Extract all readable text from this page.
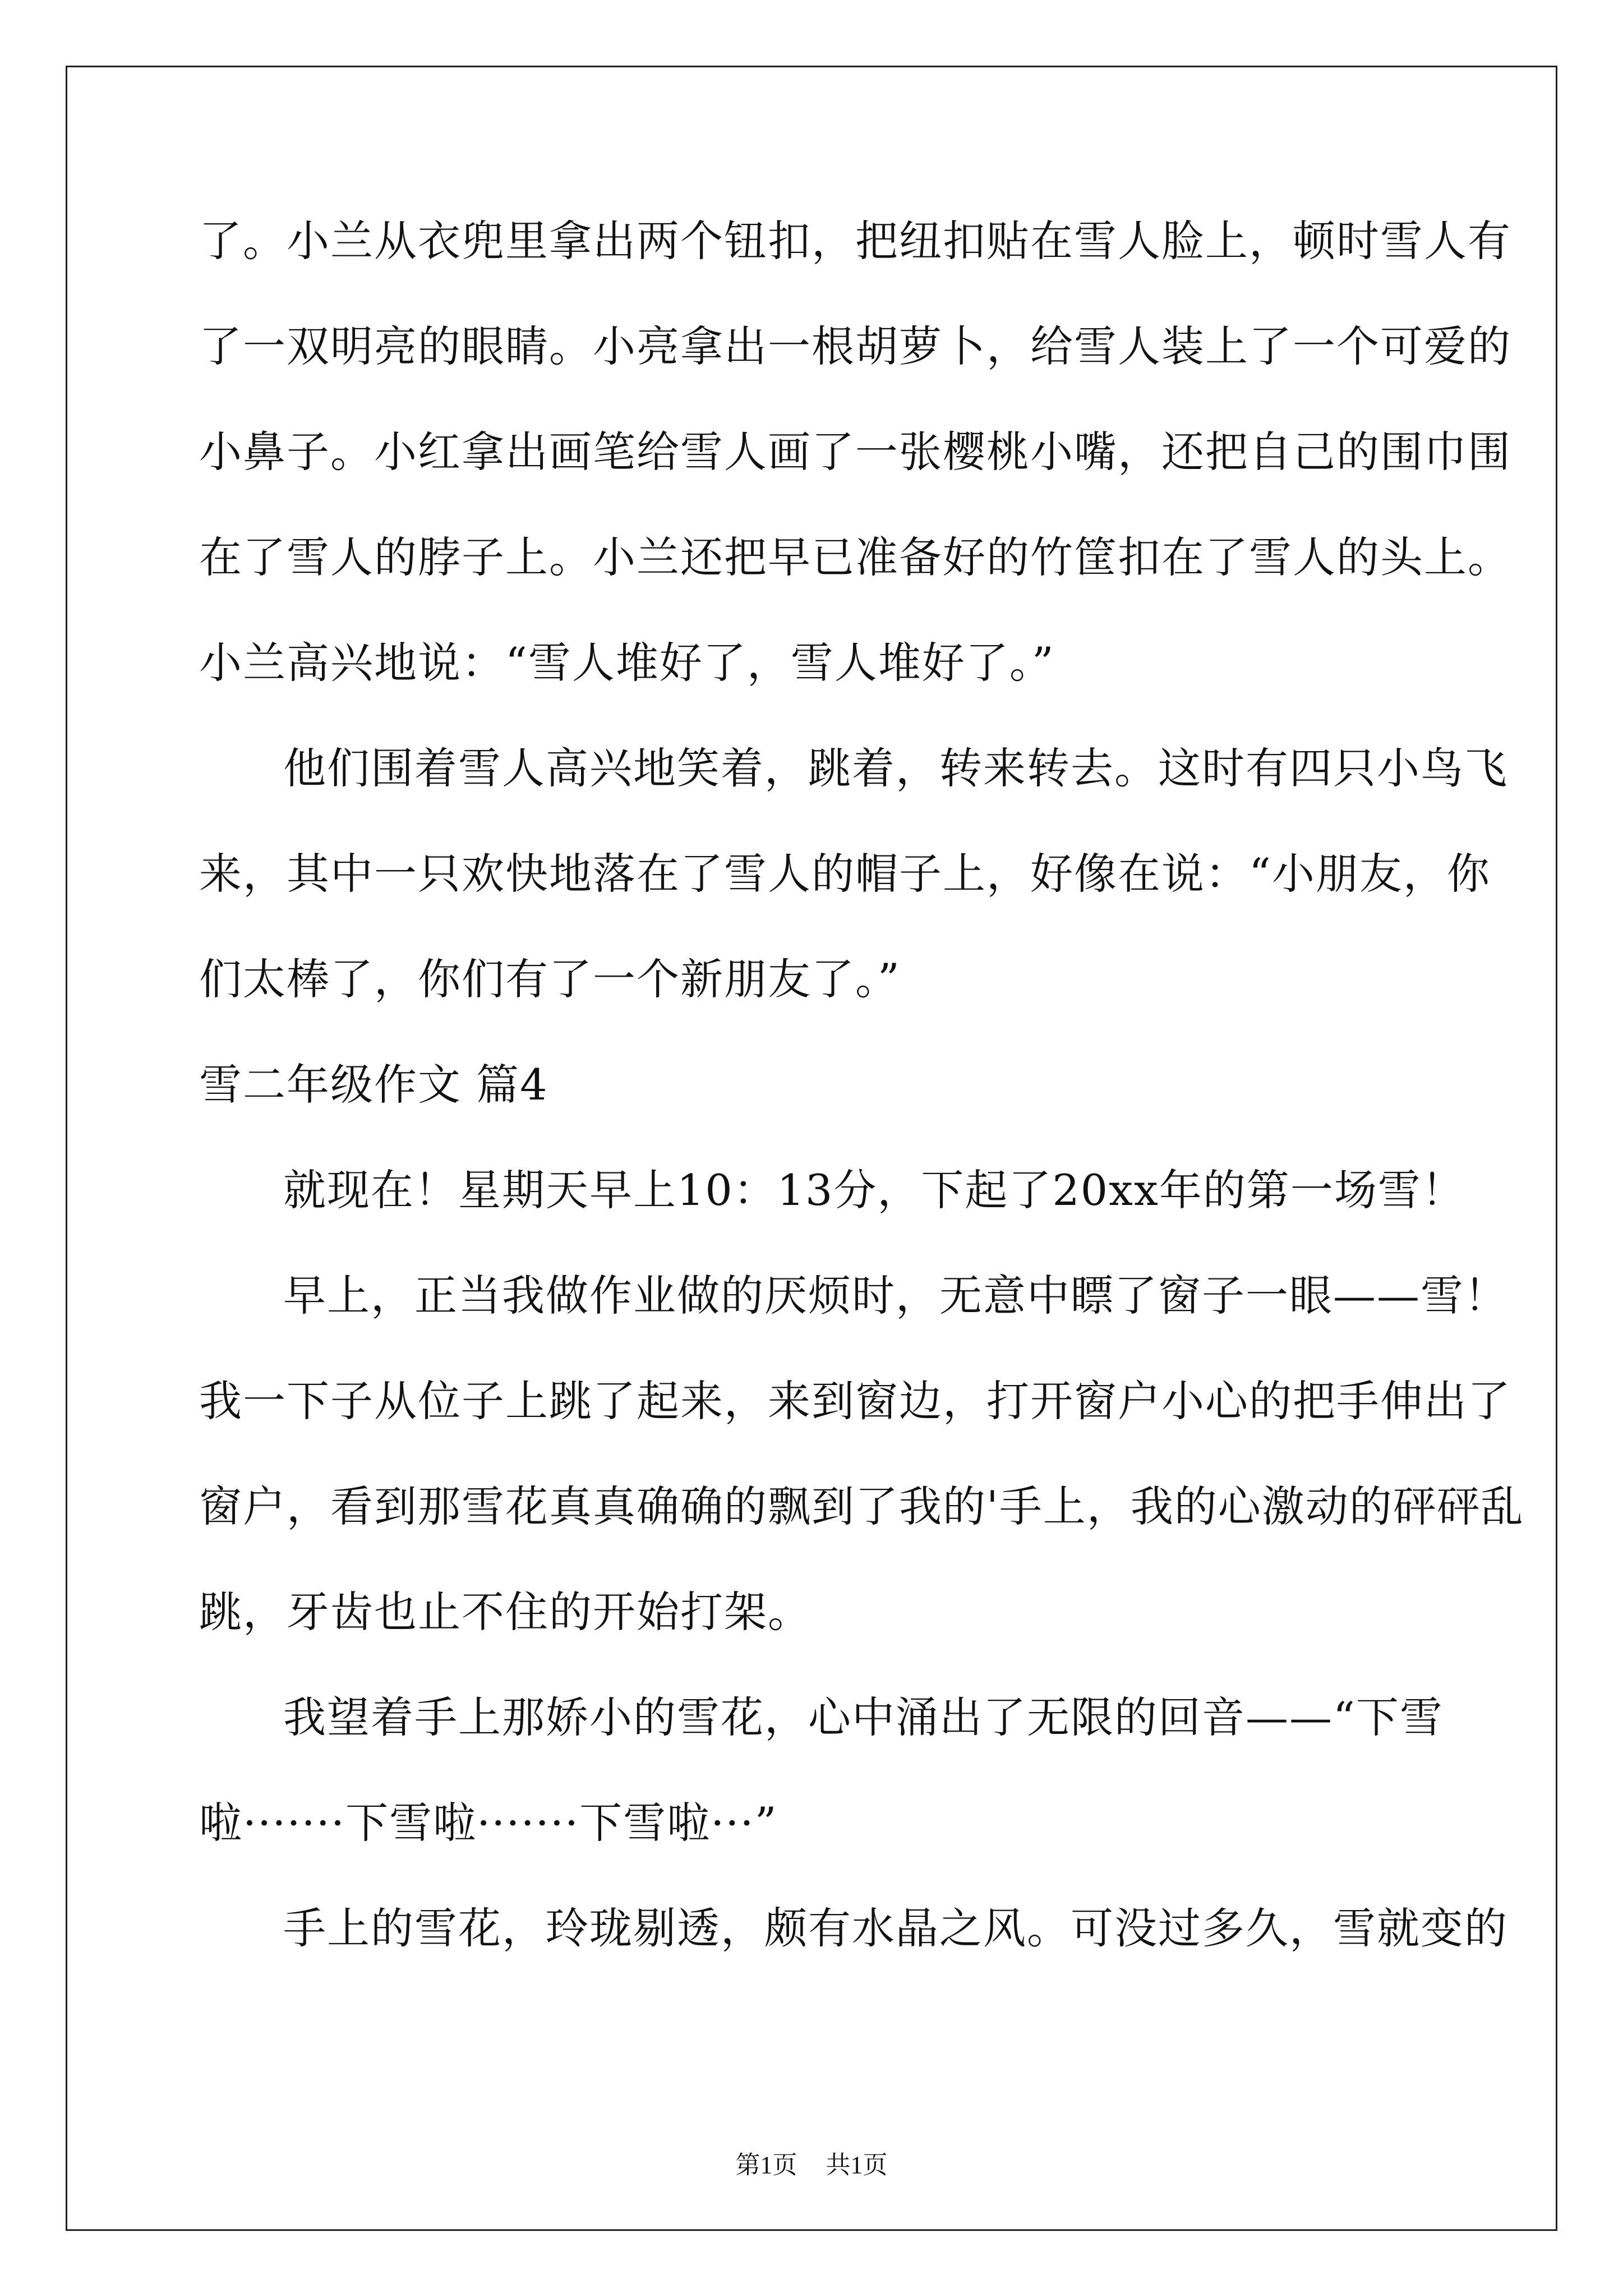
了。小兰从衣兜里拿出两个钮扣，把纽扣贴在雪人脸上，顿时雪人有
了一双明亮的眼睛。小亮拿出一根胡萝卜，给雪人装上了一个可爱的
小鼻子。小红拿出画笔给雪人画了一张樱桃小嘴，还把自己的围巾围
在了雪人的脖子上。小兰还把早已准备好的竹筐扣在了雪人的头上。
小兰高兴地说：“雪人堆好了，雪人堆好了。”
他们围着雪人高兴地笑着，跳着，转来转去。这时有四只小鸟飞
来，其中一只欢快地落在了雪人的帽子上，好像在说：“小朋友，你
们太棒了，你们有了一个新朋友了。”
雪二年级作文 篇4
就现在！星期天早上10：13分，下起了20xx年的第一场雪！
早上，正当我做作业做的厌烦时，无意中瞟了窗子一眼——雪！
我一下子从位子上跳了起来，来到窗边，打开窗户小心的把手伸出了
窗户，看到那雪花真真确确的飘到了我的'手上，我的心激动的砰砰乱
跳，牙齿也止不住的开始打架。
我望着手上那娇小的雪花，心中涌出了无限的回音——“下雪
啦·······下雪啦·······下雪啦···”
手上的雪花，玲珑剔透，颇有水晶之风。可没过多久，雪就变的
第1页 共1页
